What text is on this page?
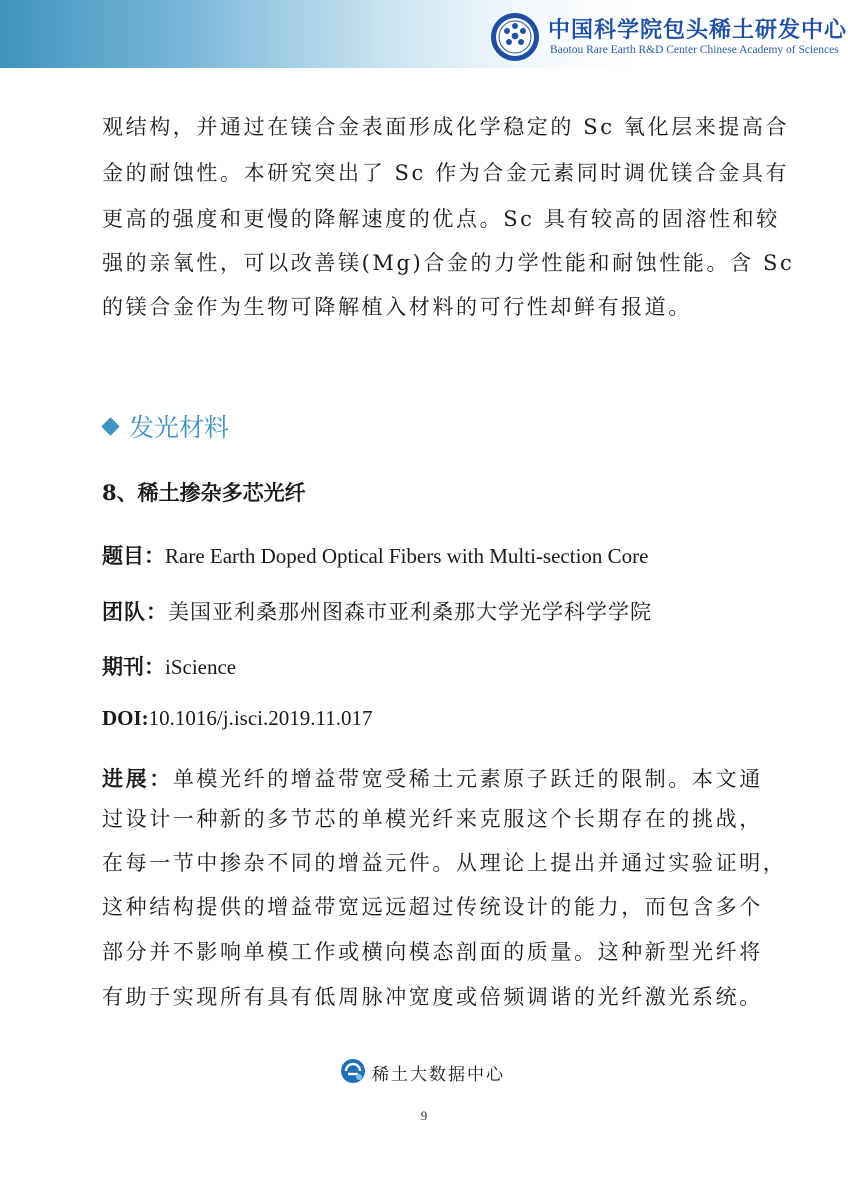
中国科学院包头稀土研发中心
Baotou Rare Earth R&D Center Chinese Academy of Sciences
观结构，并通过在镁合金表面形成化学稳定的 Sc 氧化层来提高合
金的耐蚀性。本研究突出了 Sc 作为合金元素同时调优镁合金具有
更高的强度和更慢的降解速度的优点。Sc 具有较高的固溶性和较
强的亲氧性，可以改善镁(Mg)合金的力学性能和耐蚀性能。含 Sc
的镁合金作为生物可降解植入材料的可行性却鲜有报道。
发光材料
8、稀土掺杂多芯光纤
题目：Rare Earth Doped Optical Fibers with Multi-section Core
团队：美国亚利桑那州图森市亚利桑那大学光学科学学院
期刊：iScience
DOI:10.1016/j.isci.2019.11.017
进展：单模光纤的增益带宽受稀土元素原子跃迁的限制。本文通
过设计一种新的多节芯的单模光纤来克服这个长期存在的挑战，
在每一节中掺杂不同的增益元件。从理论上提出并通过实验证明，
这种结构提供的增益带宽远远超过传统设计的能力，而包含多个
部分并不影响单模工作或横向模态剖面的质量。这种新型光纤将
有助于实现所有具有低周脉冲宽度或倍频调谐的光纤激光系统。
稀土大数据中心
9
